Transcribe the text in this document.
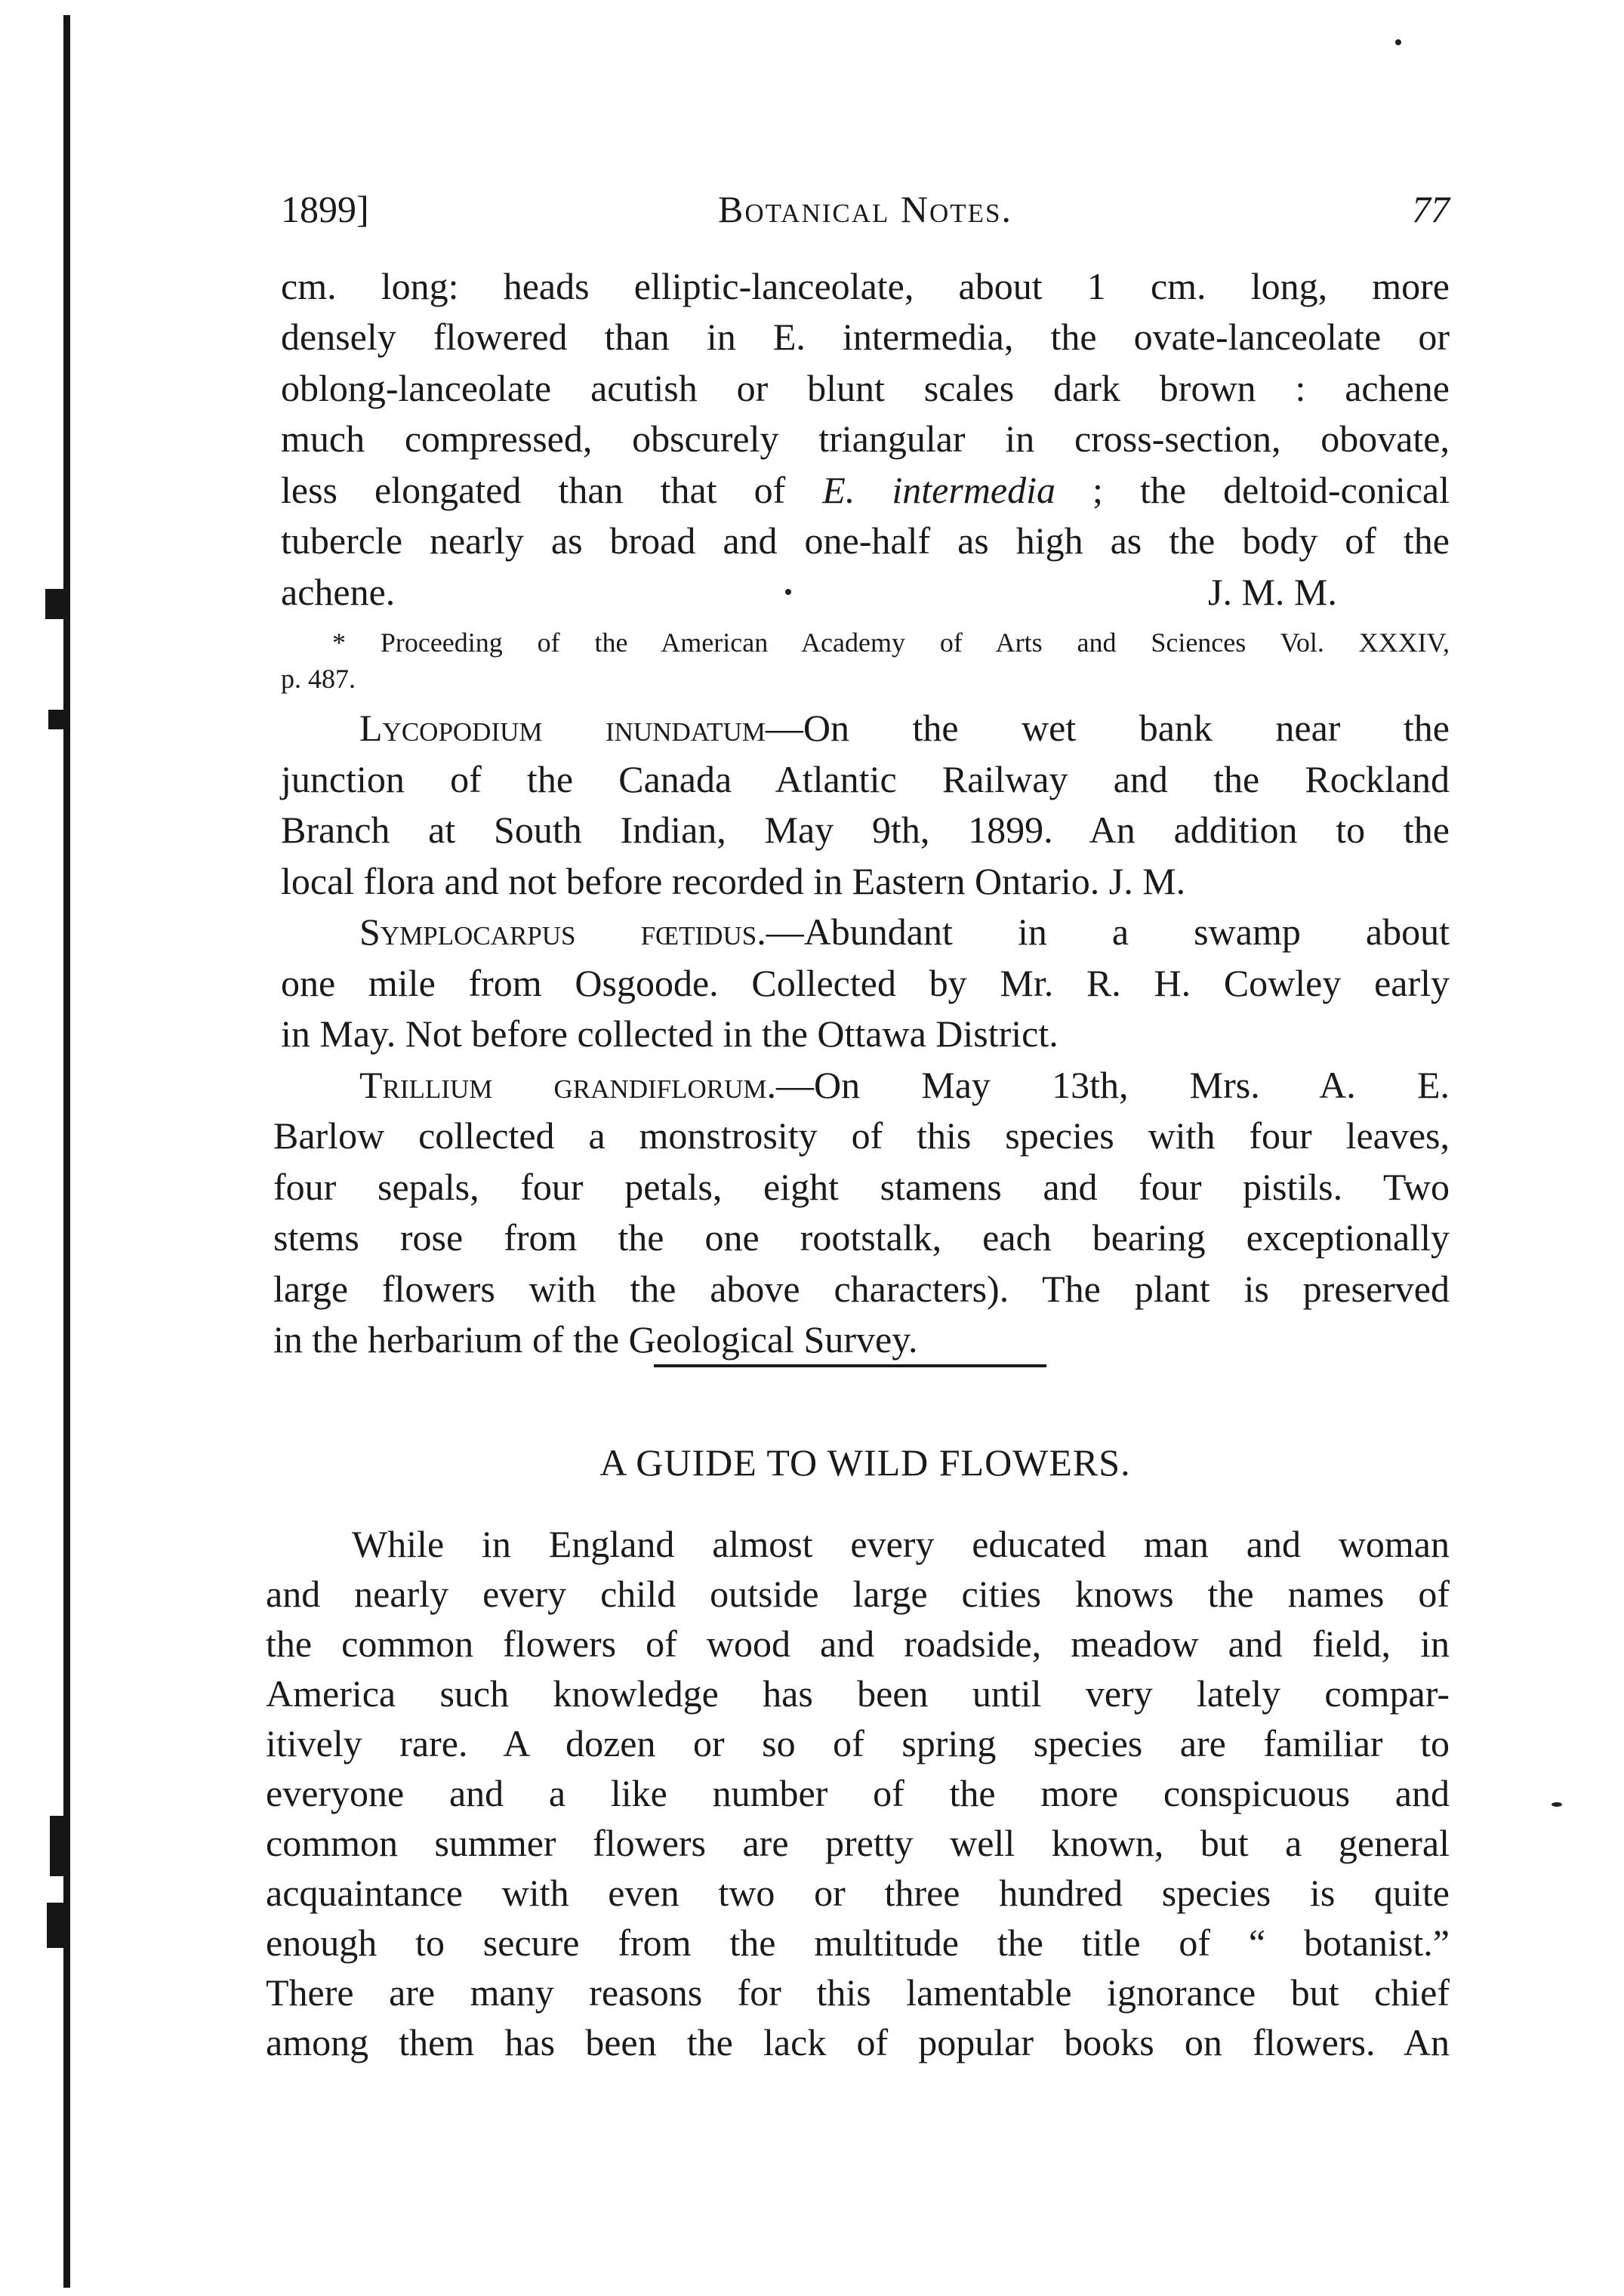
1899]	Botanical Notes.	77
cm. long: heads elliptic-lanceolate, about 1 cm. long, more
densely flowered than in E. intermedia, the ovate-lanceolate or
oblong-lanceolate acutish or blunt scales dark brown : achene
much compressed, obscurely triangular in cross-section, obovate,
less elongated than that of E. intermedia ; the deltoid-conical
tubercle nearly as broad and one-half as high as the body of the
achene.	J. M. M.
* Proceeding of the American Academy of Arts and Sciences Vol. XXXIV,
p. 487.
Lycopodium inundatum—On the wet bank near the
junction of the Canada Atlantic Railway and the Rockland
Branch at South Indian, May 9th, 1899. An addition to the
local flora and not before recorded in Eastern Ontario. J. M.
Symplocarpus fœtidus.—Abundant in a swamp about
one mile from Osgoode. Collected by Mr. R. H. Cowley early
in May. Not before collected in the Ottawa District.
Trillium grandiflorum.—On May 13th, Mrs. A. E.
Barlow collected a monstrosity of this species with four leaves,
four sepals, four petals, eight stamens and four pistils. Two
stems rose from the one rootstalk, each bearing exceptionally
large flowers with the above characters). The plant is preserved
in the herbarium of the Geological Survey.
A GUIDE TO WILD FLOWERS.
While in England almost every educated man and woman
and nearly every child outside large cities knows the names of
the common flowers of wood and roadside, meadow and field, in
America such knowledge has been until very lately compar-
itively rare. A dozen or so of spring species are familiar to
everyone and a like number of the more conspicuous and
common summer flowers are pretty well known, but a general
acquaintance with even two or three hundred species is quite
enough to secure from the multitude the title of “ botanist.”
There are many reasons for this lamentable ignorance but chief
among them has been the lack of popular books on flowers. An
